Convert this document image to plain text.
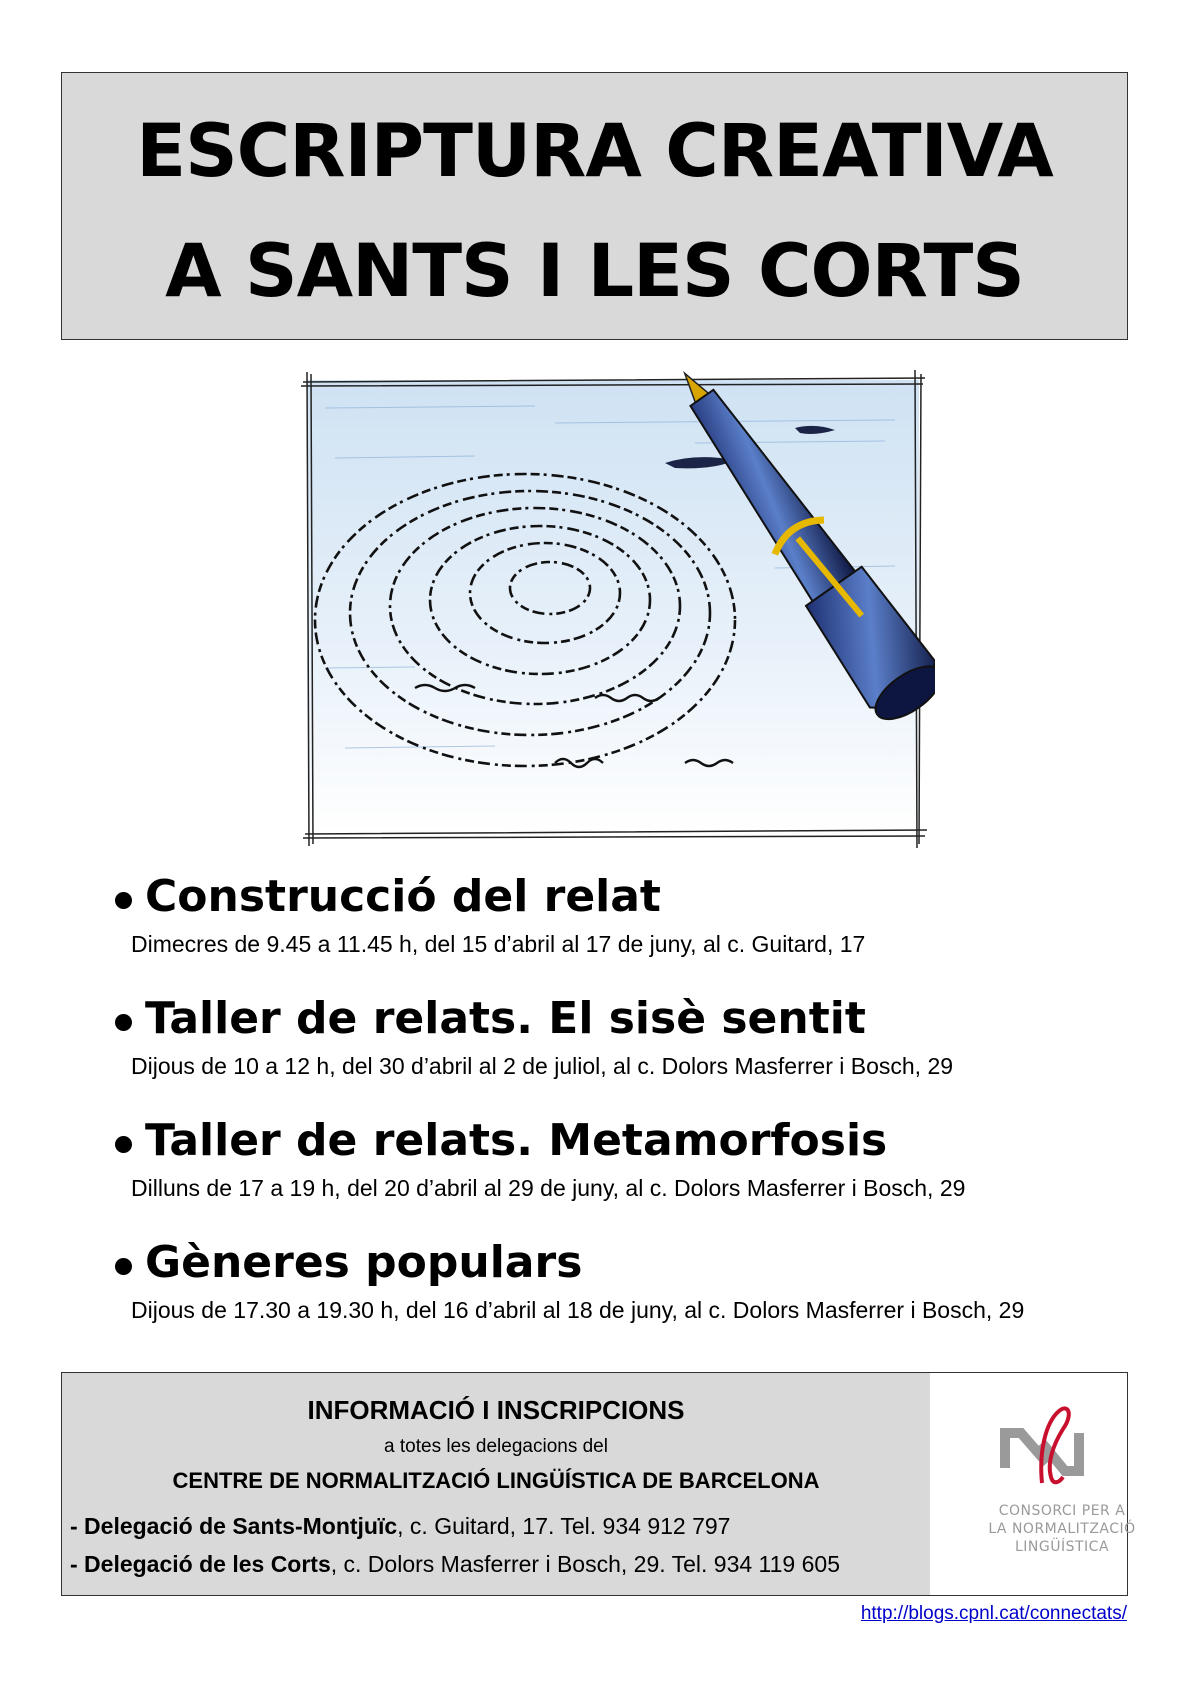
ESCRIPTURA CREATIVA
A SANTS I LES CORTS
Construcció del relat
Dimecres de 9.45 a 11.45 h, del 15 d’abril al 17 de juny, al c. Guitard, 17
Taller de relats. El sisè sentit
Dijous de 10 a 12 h, del 30 d’abril al 2 de juliol, al c. Dolors Masferrer i Bosch, 29
Taller de relats. Metamorfosis
Dilluns de 17 a 19 h, del 20 d’abril al 29 de juny, al c. Dolors Masferrer i Bosch, 29
Gèneres populars
Dijous de 17.30 a 19.30 h, del 16 d’abril al 18 de juny, al c. Dolors Masferrer i Bosch, 29
INFORMACIÓ I INSCRIPCIONS
a totes les delegacions del
CENTRE DE NORMALITZACIÓ LINGÜÍSTICA DE BARCELONA
- Delegació de Sants-Montjuïc, c. Guitard, 17. Tel. 934 912 797
- Delegació de les Corts, c. Dolors Masferrer i Bosch, 29. Tel. 934 119 605
CONSORCI PER A
LA NORMALITZACIÓ
LINGÜÍSTICA
http://blogs.cpnl.cat/connectats/
